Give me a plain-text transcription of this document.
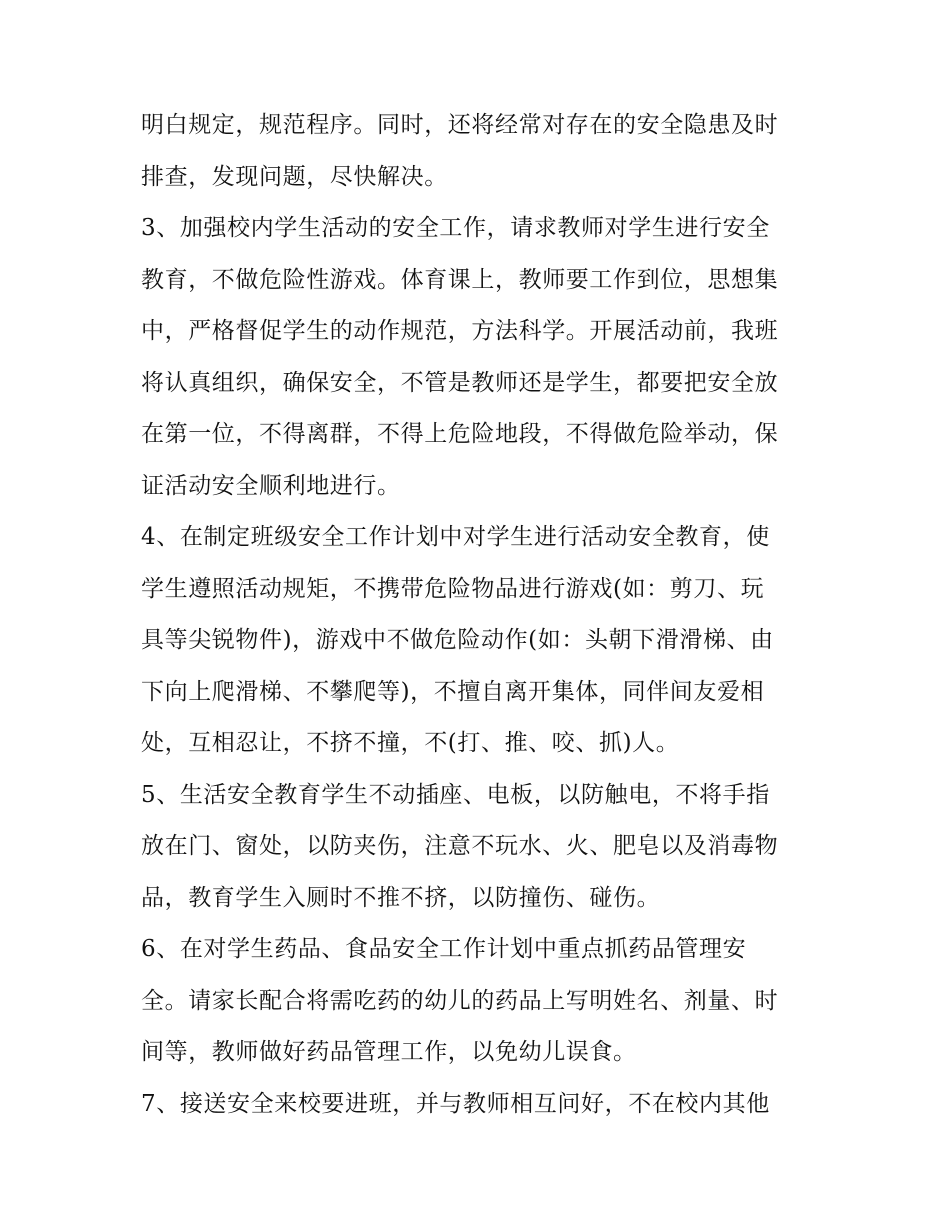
明白规定，规范程序。同时，还将经常对存在的安全隐患及时
排查，发现问题，尽快解决。
3、加强校内学生活动的安全工作，请求教师对学生进行安全
教育，不做危险性游戏。体育课上，教师要工作到位，思想集
中，严格督促学生的动作规范，方法科学。开展活动前，我班
将认真组织，确保安全，不管是教师还是学生，都要把安全放
在第一位，不得离群，不得上危险地段，不得做危险举动，保
证活动安全顺利地进行。
4、在制定班级安全工作计划中对学生进行活动安全教育，使
学生遵照活动规矩，不携带危险物品进行游戏(如：剪刀、玩
具等尖锐物件)，游戏中不做危险动作(如：头朝下滑滑梯、由
下向上爬滑梯、不攀爬等)，不擅自离开集体，同伴间友爱相
处，互相忍让，不挤不撞，不(打、推、咬、抓)人。
5、生活安全教育学生不动插座、电板，以防触电，不将手指
放在门、窗处，以防夹伤，注意不玩水、火、肥皂以及消毒物
品，教育学生入厕时不推不挤，以防撞伤、碰伤。
6、在对学生药品、食品安全工作计划中重点抓药品管理安
全。请家长配合将需吃药的幼儿的药品上写明姓名、剂量、时
间等，教师做好药品管理工作，以免幼儿误食。
7、接送安全来校要进班，并与教师相互问好，不在校内其他
